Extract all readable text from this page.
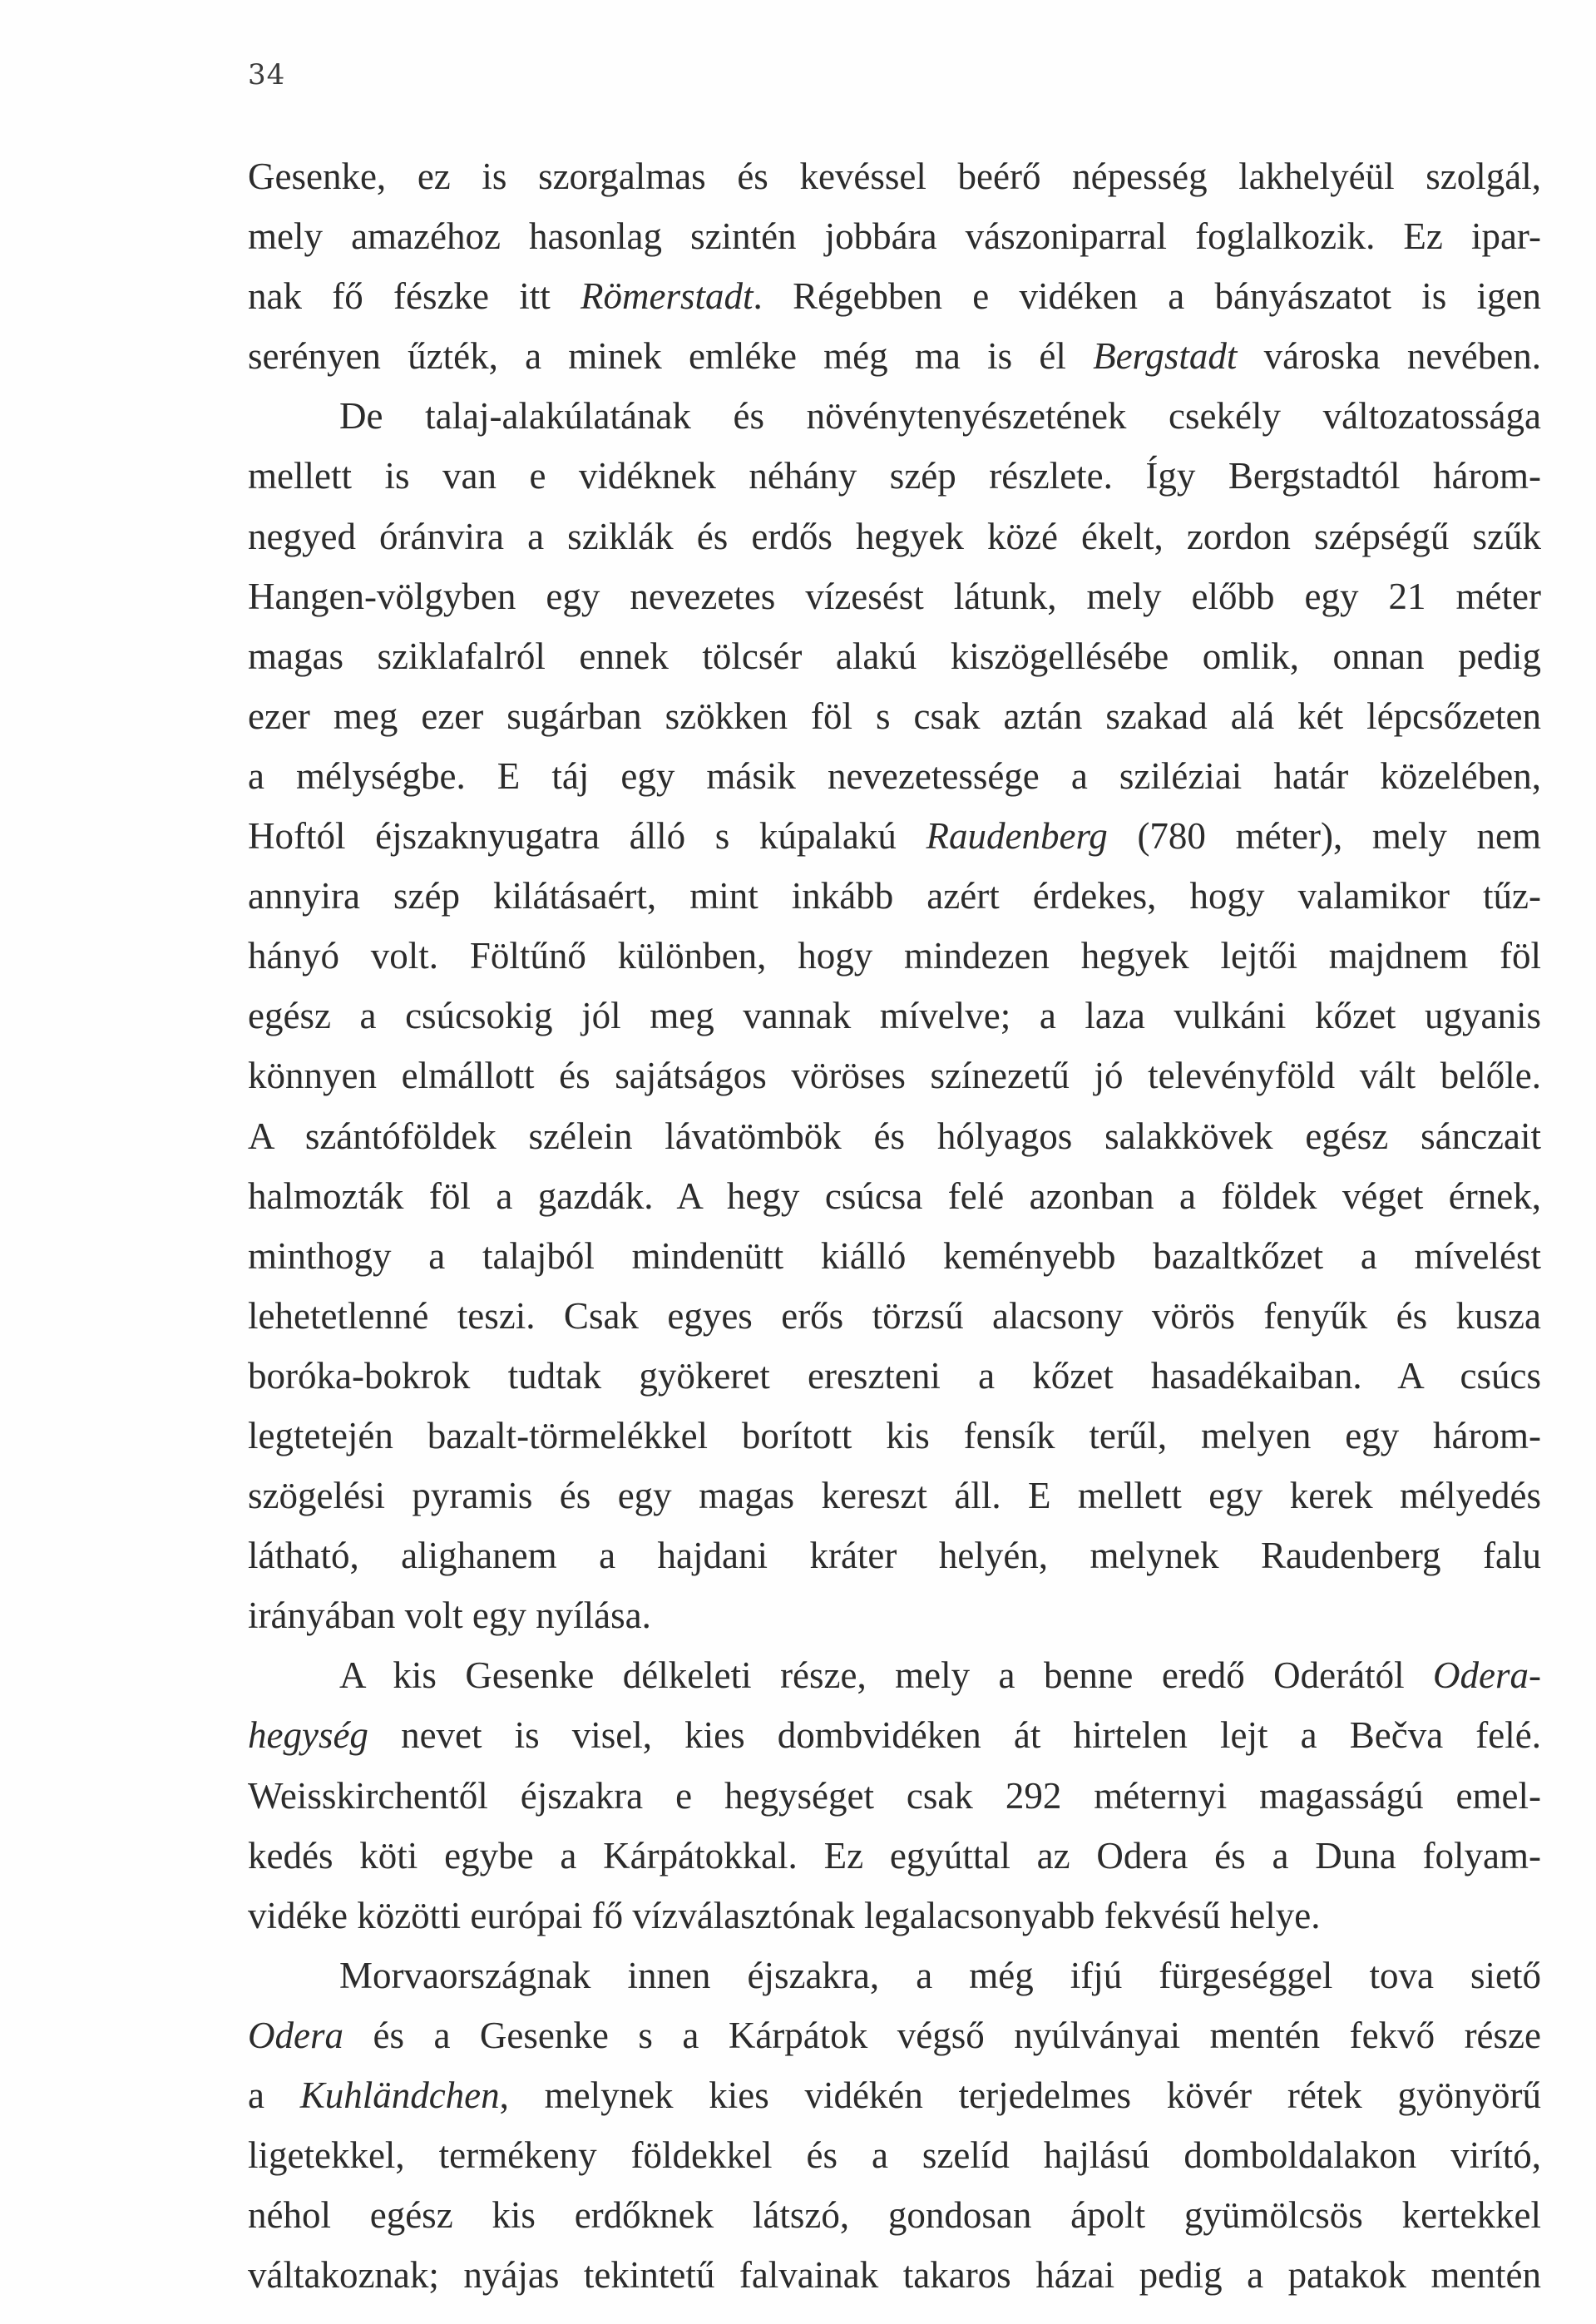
34
Gesenke, ez is szorgalmas és kevéssel beérő népesség lakhelyéül szolgál,
mely amazéhoz hasonlag szintén jobbára vászoniparral foglalkozik. Ez ipar-
nak fő fészke itt Römerstadt. Régebben e vidéken a bányászatot is igen
serényen űzték, a minek emléke még ma is él Bergstadt városka nevében.
De talaj-alakúlatának és növénytenyészetének csekély változatossága
mellett is van e vidéknek néhány szép részlete. Így Bergstadtól három-
negyed óránvira a sziklák és erdős hegyek közé ékelt, zordon szépségű szűk
Hangen-völgyben egy nevezetes vízesést látunk, mely előbb egy 21 méter
magas sziklafalról ennek tölcsér alakú kiszögellésébe omlik, onnan pedig
ezer meg ezer sugárban szökken föl s csak aztán szakad alá két lépcsőzeten
a mélységbe. E táj egy másik nevezetessége a sziléziai határ közelében,
Hoftól éjszaknyugatra álló s kúpalakú Raudenberg (780 méter), mely nem
annyira szép kilátásaért, mint inkább azért érdekes, hogy valamikor tűz-
hányó volt. Föltűnő különben, hogy mindezen hegyek lejtői majdnem föl
egész a csúcsokig jól meg vannak mívelve; a laza vulkáni kőzet ugyanis
könnyen elmállott és sajátságos vöröses színezetű jó televényföld vált belőle.
A szántóföldek szélein lávatömbök és hólyagos salakkövek egész sánczait
halmozták föl a gazdák. A hegy csúcsa felé azonban a földek véget érnek,
minthogy a talajból mindenütt kiálló keményebb bazaltkőzet a mívelést
lehetetlenné teszi. Csak egyes erős törzsű alacsony vörös fenyűk és kusza
boróka-bokrok tudtak gyökeret ereszteni a kőzet hasadékaiban. A csúcs
legtetején bazalt-törmelékkel borított kis fensík terűl, melyen egy három-
szögelési pyramis és egy magas kereszt áll. E mellett egy kerek mélyedés
látható, alighanem a hajdani kráter helyén, melynek Raudenberg falu
irányában volt egy nyílása.
A kis Gesenke délkeleti része, mely a benne eredő Oderától Odera-
hegység nevet is visel, kies dombvidéken át hirtelen lejt a Bečva felé.
Weisskirchentől éjszakra e hegységet csak 292 méternyi magasságú emel-
kedés köti egybe a Kárpátokkal. Ez egyúttal az Odera és a Duna folyam-
vidéke közötti európai fő vízválasztónak legalacsonyabb fekvésű helye.
Morvaországnak innen éjszakra, a még ifjú fürgeséggel tova siető
Odera és a Gesenke s a Kárpátok végső nyúlványai mentén fekvő része
a Kuhländchen, melynek kies vidékén terjedelmes kövér rétek gyönyörű
ligetekkel, termékeny földekkel és a szelíd hajlású domboldalakon virító,
néhol egész kis erdőknek látszó, gondosan ápolt gyümölcsös kertekkel
váltakoznak; nyájas tekintetű falvainak takaros házai pedig a patakok mentén
